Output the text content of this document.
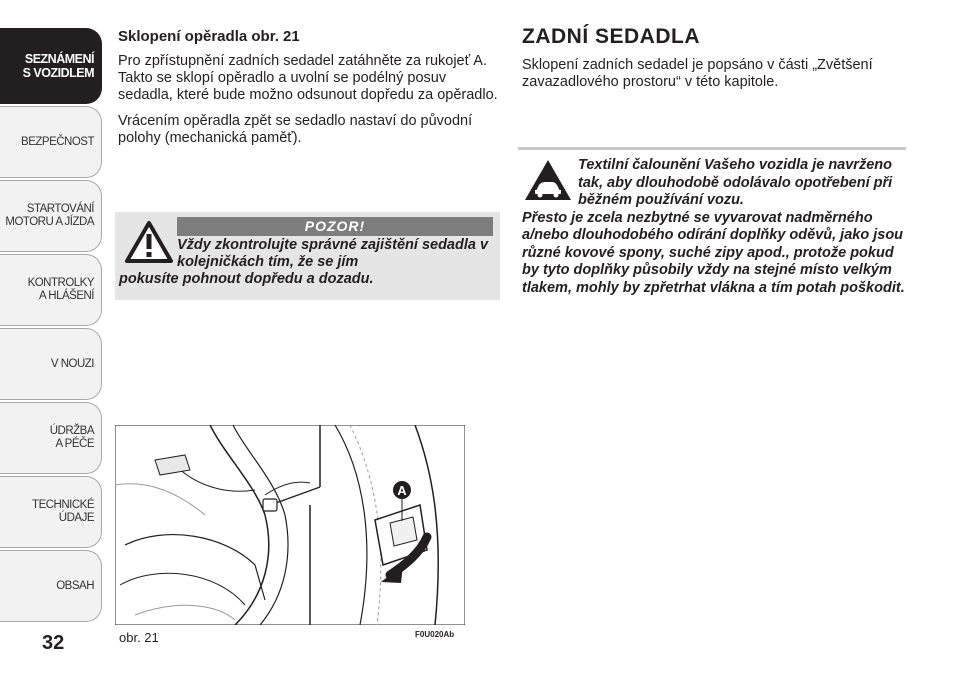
SEZNÁMENÍ
S VOZIDLEM
BEZPEČNOST
STARTOVÁNÍ
MOTORU A JÍZDA
KONTROLKY
A HLÁŠENÍ
V NOUZI
ÚDRŽBA
A PÉČE
TECHNICKÉ
ÚDAJE
OBSAH
32
Sklopení opěradla obr. 21

Pro zpřístupnění zadních sedadel zatáhněte za rukojeť A. Takto se sklopí opěradlo a uvolní se podélný posuv sedadla, které bude možno odsunout dopředu za opěradlo.

Vrácením opěradla zpět se sedadlo nastaví do původní polohy (mechanická paměť).

POZOR!
Vždy zkontrolujte správné zajištění sedadla v kolejničkách tím, že se jím
pokusíte pohnout dopředu a dozadu.
A
obr. 21	F0U020Ab
ZADNÍ SEDADLA

Sklopení zadních sedadel je popsáno v části „Zvětšení zavazadlového prostoru“ v této kapitole.

Textilní čalounění Vašeho vozidla je navrženo tak, aby dlouhodobě odolávalo opotřebení při běžném používání vozu.
Přesto je zcela nezbytné se vyvarovat nadměrného a/nebo dlouhodobého odírání doplňky oděvů, jako jsou různé kovové spony, suché zipy apod., protože pokud by tyto doplňky působily vždy na stejné místo velkým tlakem, mohly by zpřetrhat vlákna a tím potah poškodit.
